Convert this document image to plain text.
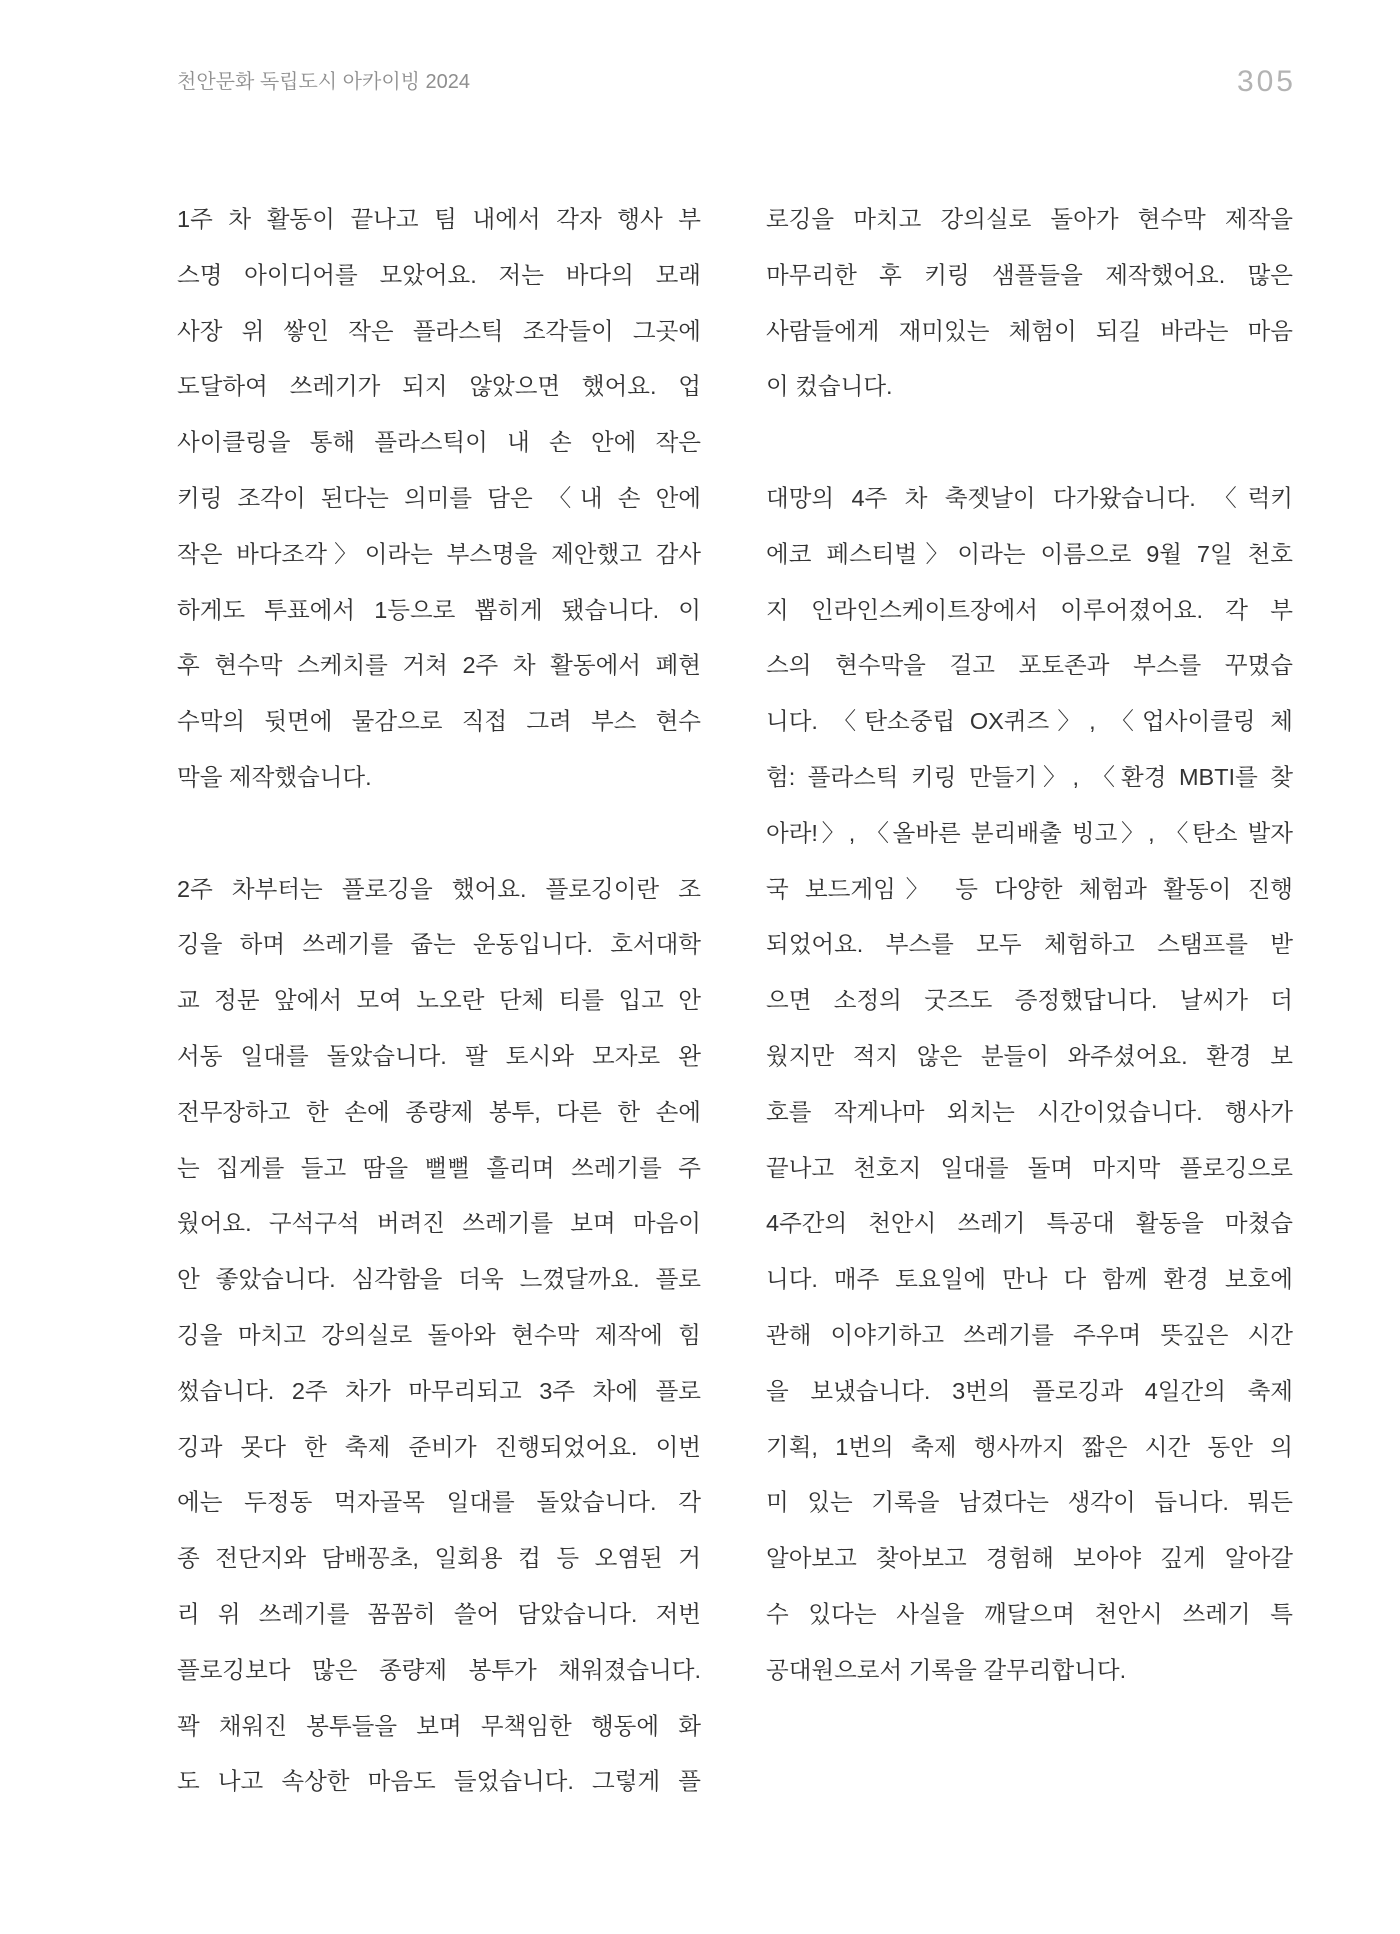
천안문화 독립도시 아카이빙 2024	305
1주 차 활동이 끝나고 팀 내에서 각자 행사 부
스명 아이디어를 모았어요. 저는 바다의 모래
사장 위 쌓인 작은 플라스틱 조각들이 그곳에
도달하여 쓰레기가 되지 않았으면 했어요. 업
사이클링을 통해 플라스틱이 내 손 안에 작은
키링 조각이 된다는 의미를 담은 〈내 손 안에
작은 바다조각〉이라는 부스명을 제안했고 감사
하게도 투표에서 1등으로 뽑히게 됐습니다. 이
후 현수막 스케치를 거쳐 2주 차 활동에서 폐현
수막의 뒷면에 물감으로 직접 그려 부스 현수
막을 제작했습니다.
2주 차부터는 플로깅을 했어요. 플로깅이란 조
깅을 하며 쓰레기를 줍는 운동입니다. 호서대학
교 정문 앞에서 모여 노오란 단체 티를 입고 안
서동 일대를 돌았습니다. 팔 토시와 모자로 완
전무장하고 한 손에 종량제 봉투, 다른 한 손에
는 집게를 들고 땀을 뻘뻘 흘리며 쓰레기를 주
웠어요. 구석구석 버려진 쓰레기를 보며 마음이
안 좋았습니다. 심각함을 더욱 느꼈달까요. 플로
깅을 마치고 강의실로 돌아와 현수막 제작에 힘
썼습니다. 2주 차가 마무리되고 3주 차에 플로
깅과 못다 한 축제 준비가 진행되었어요. 이번
에는 두정동 먹자골목 일대를 돌았습니다. 각
종 전단지와 담배꽁초, 일회용 컵 등 오염된 거
리 위 쓰레기를 꼼꼼히 쓸어 담았습니다. 저번
플로깅보다 많은 종량제 봉투가 채워졌습니다.
꽉 채워진 봉투들을 보며 무책임한 행동에 화
도 나고 속상한 마음도 들었습니다. 그렇게 플
로깅을 마치고 강의실로 돌아가 현수막 제작을
마무리한 후 키링 샘플들을 제작했어요. 많은
사람들에게 재미있는 체험이 되길 바라는 마음
이 컸습니다.
대망의 4주 차 축젯날이 다가왔습니다. 〈럭키
에코 페스티벌〉이라는 이름으로 9월 7일 천호
지 인라인스케이트장에서 이루어졌어요. 각 부
스의 현수막을 걸고 포토존과 부스를 꾸몄습
니다. 〈탄소중립 OX퀴즈〉, 〈업사이클링 체
험: 플라스틱 키링 만들기〉, 〈환경 MBTI를 찾
아라!〉, 〈올바른 분리배출 빙고〉, 〈탄소 발자
국 보드게임〉 등 다양한 체험과 활동이 진행
되었어요. 부스를 모두 체험하고 스탬프를 받
으면 소정의 굿즈도 증정했답니다. 날씨가 더
웠지만 적지 않은 분들이 와주셨어요. 환경 보
호를 작게나마 외치는 시간이었습니다. 행사가
끝나고 천호지 일대를 돌며 마지막 플로깅으로
4주간의 천안시 쓰레기 특공대 활동을 마쳤습
니다. 매주 토요일에 만나 다 함께 환경 보호에
관해 이야기하고 쓰레기를 주우며 뜻깊은 시간
을 보냈습니다. 3번의 플로깅과 4일간의 축제
기획, 1번의 축제 행사까지 짧은 시간 동안 의
미 있는 기록을 남겼다는 생각이 듭니다. 뭐든
알아보고 찾아보고 경험해 보아야 깊게 알아갈
수 있다는 사실을 깨달으며 천안시 쓰레기 특
공대원으로서 기록을 갈무리합니다.
